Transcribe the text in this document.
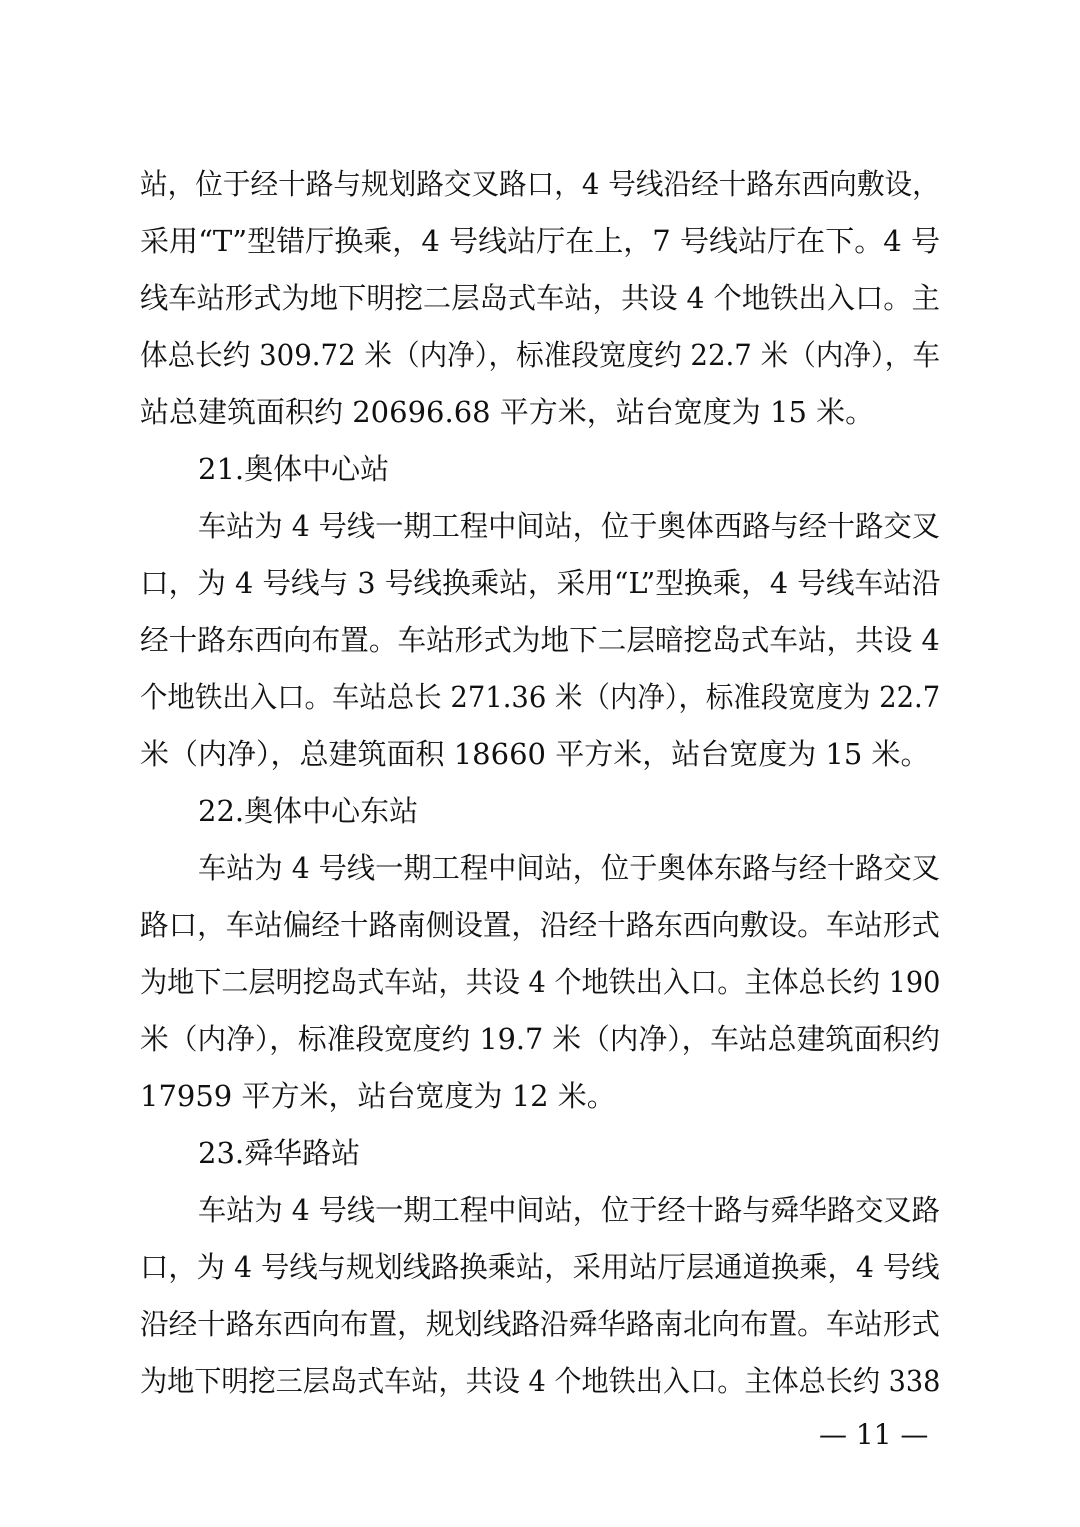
站，位于经十路与规划路交叉路口，4 号线沿经十路东西向敷设，
采用“T”型错厅换乘，4 号线站厅在上，7 号线站厅在下。4 号
线车站形式为地下明挖二层岛式车站，共设 4 个地铁出入口。主
体总长约 309.72 米（内净），标准段宽度约 22.7 米（内净），车
站总建筑面积约 20696.68 平方米，站台宽度为 15 米。
21.奥体中心站
车站为 4 号线一期工程中间站，位于奥体西路与经十路交叉
口，为 4 号线与 3 号线换乘站，采用“L”型换乘，4 号线车站沿
经十路东西向布置。车站形式为地下二层暗挖岛式车站，共设 4
个地铁出入口。车站总长 271.36 米（内净），标准段宽度为 22.7
米（内净），总建筑面积 18660 平方米，站台宽度为 15 米。
22.奥体中心东站
车站为 4 号线一期工程中间站，位于奥体东路与经十路交叉
路口，车站偏经十路南侧设置，沿经十路东西向敷设。车站形式
为地下二层明挖岛式车站，共设 4 个地铁出入口。主体总长约 190
米（内净），标准段宽度约 19.7 米（内净），车站总建筑面积约
17959 平方米，站台宽度为 12 米。
23.舜华路站
车站为 4 号线一期工程中间站，位于经十路与舜华路交叉路
口，为 4 号线与规划线路换乘站，采用站厅层通道换乘，4 号线
沿经十路东西向布置，规划线路沿舜华路南北向布置。车站形式
为地下明挖三层岛式车站，共设 4 个地铁出入口。主体总长约 338
— 11 —
